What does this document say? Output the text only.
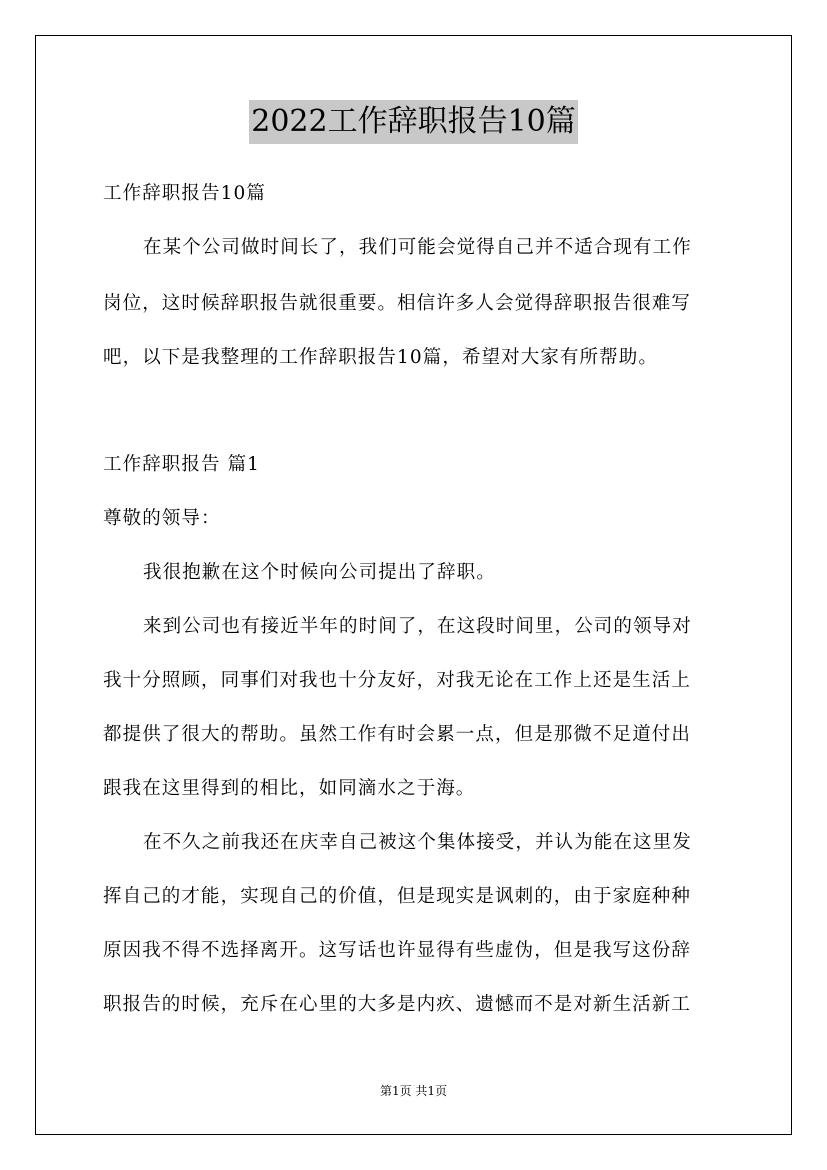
2022工作辞职报告10篇
工作辞职报告10篇
在某个公司做时间长了，我们可能会觉得自己并不适合现有工作
岗位，这时候辞职报告就很重要。相信许多人会觉得辞职报告很难写
吧，以下是我整理的工作辞职报告10篇，希望对大家有所帮助。
工作辞职报告 篇1
尊敬的领导：
我很抱歉在这个时候向公司提出了辞职。
来到公司也有接近半年的时间了，在这段时间里，公司的领导对
我十分照顾，同事们对我也十分友好，对我无论在工作上还是生活上
都提供了很大的帮助。虽然工作有时会累一点，但是那微不足道付出
跟我在这里得到的相比，如同滴水之于海。
在不久之前我还在庆幸自己被这个集体接受，并认为能在这里发
挥自己的才能，实现自己的价值，但是现实是讽刺的，由于家庭种种
原因我不得不选择离开。这写话也许显得有些虚伪，但是我写这份辞
职报告的时候，充斥在心里的大多是内疚、遗憾而不是对新生活新工
第1页 共1页
